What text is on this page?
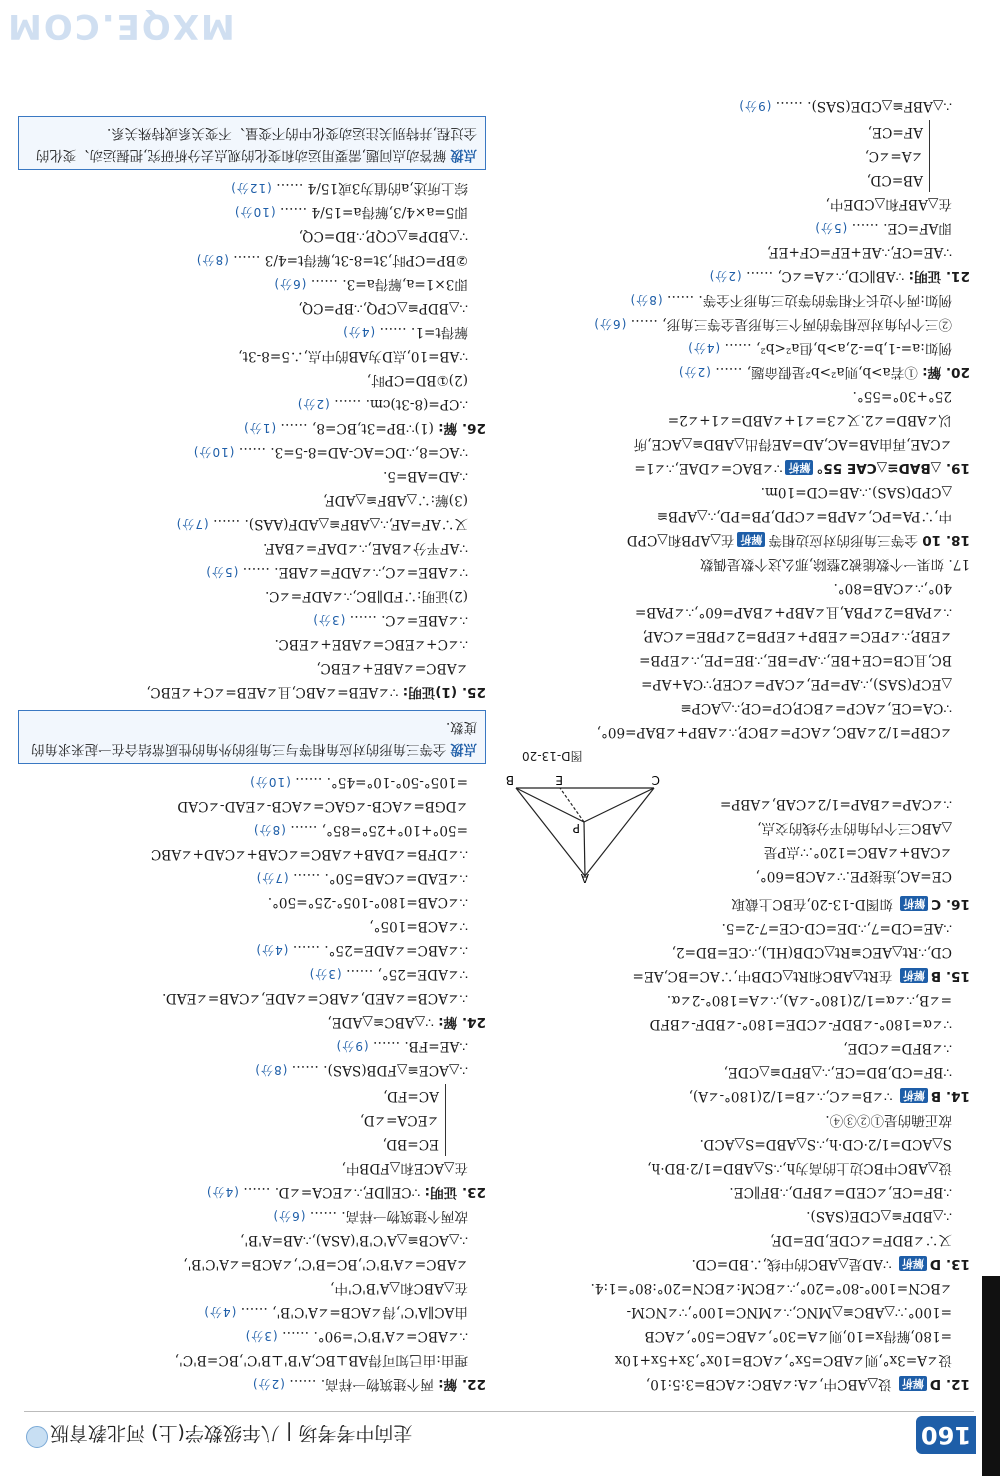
160
走向中考考场 | 八年级数学(上) 河北教育版
12. D解析 设△ABC中,∠A:∠ABC:∠ACB=3:5:10,
设∠A=3x°,则∠ABC=5x°,∠ACB=10x°,3x+5x+10x
=180,解得x=10,则∠A=30°,∠ABC=50°,∠ACB
=100°.∵△ABC≌△MNC,∴∠MNC=100°,∵∠NCM-
∠BCN=100°-80°=20°,∴∠BCM:∠BCN=20°:80°=1:4.
13. D解析 ∵AD是△ABC的中线,∴BD=CD.
又∵∠BDF=∠CDE,DE=DF,
∴△BDF≌△CDE(SAS).
∴BF=CE,∠CED=∠BFD,∴BF∥CE.
设△ABC中BC边上的高为h,∴S△ABD=1/2·BD·h,
S△ACD=1/2·CD·h,∴S△ABD=S△ACD.
故正确的是①②③④.
14. B解析 ∵∠B=∠C,∴∠B=1/2(180°-∠A),
∵BF=CD,BD=CE,∴△BFD≌△CDE,
∴∠BFD=∠CDE,
∵∠α=180°-∠BDF-∠CDE=180°-∠BDF-∠BFD
=∠B,∴∠α=1/2(180°-∠A),∴∠A=180°-2∠α.
15. B解析 在Rt△ABC和Rt△CDB中,∵AC=BC,AE=
CD,∴Rt△AEC≌Rt△CDB(HL),∴CE=BD=2,
∴AE=CD=7,∴DE=CD-CE=7-2=5.
16. C解析 如图D-13-20,在BC上截取
CE=AC,连接PE.∵∠ACB=60°,
∠CAB+∠ABC=120°.∵点P是
△ABC三个内角的平分线的交点,
∴∠CAP=∠BAP=1/2∠CAB,∠ABP=
A
P
C
E
B
图D-13-20
∠CBP=1/2∠ABC,∠ACP=∠BCP,∴∠ABP+∠BAP=60°,
∵CA=CE,∠ACP=∠BCP,CP=CP,∴△ACP≌
△ECP(SAS),∴AP=PE,∠CAP=∠CEP,∵CA+AP=
BC,且CB=CE+BE,∴AP=BE,∴BE=PE,∴∠EPB=
∠EBP,∴∠PEC=∠EBP+∠EPB=2∠PBE=∠CAP,
∴∠PAB=2∠PBA,且∠ABP+∠BAP=60°,∴∠PAB=
40°,∴∠CAB=80°.
17. 如果一个数能被2整除,那么这个数是偶数
18. 10 全等三角形的对应边相等解析在△APB和△CPD
中,∵PA=PC,∠APB=∠CPD,PB=PD,∴△APB≌
△CPD(SAS).∴AB=CD=10m.
19. △BAD≌△CAE 55°解析∵∠BAC=∠DAE,∴∠1=
∠CAE,再由AB=AC,AD=AE得出△ABD≌△ACE,所
以∠ABD=∠2.又∠3=∠1+∠ABD=∠1+∠2=
25°+30°=55°.
20. 解: ①若a>b,则a²>b²是假命题, …… (2分)
例如:a=-1,b=-2,a>b,但a²<b², …… (4分)
②三个内角对应相等的两个三角形是全等三角形, …… (6分)
例如:两个边长不相等的等边三角形不全等. …… (8分)
21. 证明: ∵AB∥CD,∴∠A=∠C, …… (2分)
∵AE=CF,∴AE+EF=CF+EF,
即AF=CE. …… (5分)
在△ABF和△CDE中,
AB=CD,
∠A=∠C,
AF=CE,
∴△ABF≌△CDE(SAS). …… (9分)
22. 解: 两个建筑物一样高. …… (2分)
理由:由已知可得AB⊥BC,A'B'⊥B'C',BC=B'C',
∴∠ABC=∠A'B'C'=90°. …… (3分)
由AC∥A'C',得∠ACB=∠A'C'B', …… (4分)
在△ABC和△A'B'C'中,
∠ABC=∠A'B'C',BC=B'C',∠ACB=∠A'C'B',
∴△ACB≌△A'C'B'(ASA),∴AB=A'B',
故两个建筑物一样高. …… (6分)
23. 证明: ∵CE∥DF,∴∠ECA=∠D. …… (4分)
在△ACE和△FDB中,
EC=BD,
∠ECA=∠D,
AC=FD,
∴△ACE≌△FDB(SAS). …… (8分)
∴AE=FB. …… (9分)
24. 解: ∵△ABC≌△ADE,
∴∠ACB=∠AED,∠ABC=∠ADE,∠CAB=∠EAD.
∵∠ADE=25°, …… (3分)
∴∠ABC=∠ADE=25°. …… (4分)
∵∠ACB=105°,
∴∠CAB=180°-105°-25°=50°.
∴∠EAD=∠CAB=50°. …… (7分)
∴∠DFB=∠DAB+∠ABC=∠CAB+∠CAD+∠ABC
=50°+10°+25°=85°, …… (8分)
∠DGB=∠ACB-∠GAC=∠ACB-∠EAD-∠CAD
=105°-50°-10°=45°. …… (10分)
点拨全等三角形的对应角相等与三角形的外角的性质常结合在一起来求角的度数.
25. (1)证明: ∵∠AEB=∠ABC,且∠AEB=∠C+∠EBC,
∠ABC=∠ABE+∠EBC,
∴∠C+∠EBC=∠ABE+∠EBC.
∴∠ABE=∠C. …… (3分)
(2)证明:∵FD∥BC,∴∠ADF=∠C.
∵∠ABE=∠C,∴∠ADF=∠ABE. …… (5分)
∵AF平分∠BAE,∴∠DAF=∠BAF.
又∵AF=AF,∴△ABF≌△ADF(AAS). …… (7分)
(3)解:∵△ABF≌△ADF,
∴AD=AB=5.
∵AC=8,∴DC=AC-AD=8-5=3. …… (10分)
26. 解: (1)∵BP=3t,BC=8, …… (1分)
∴CP=(8-3t)cm. …… (2分)
(2)①BD=CP时,
∵AB=10,点D为AB的中点,∴5=8-3t,
解得t=1. …… (4分)
∴△BDP≌△CPQ,∴BP=CQ,
即3×1=a,解得a=3. …… (6分)
②BP=CP时,3t=8-3t,解得t=4/3 …… (8分)
∵△BDP≌△CQP,∴BD=CQ,
即5=a×4/3,解得a=15/4 …… (10分)
综上所述,a的值为3或15/4 …… (12分)
点拨解答动点问题,需要用运动和变化的观点去分析研究,把握运动、变化的全过程,并特别关注运动变化中的不变量、不变关系或特殊关系.
MXQE.COM
